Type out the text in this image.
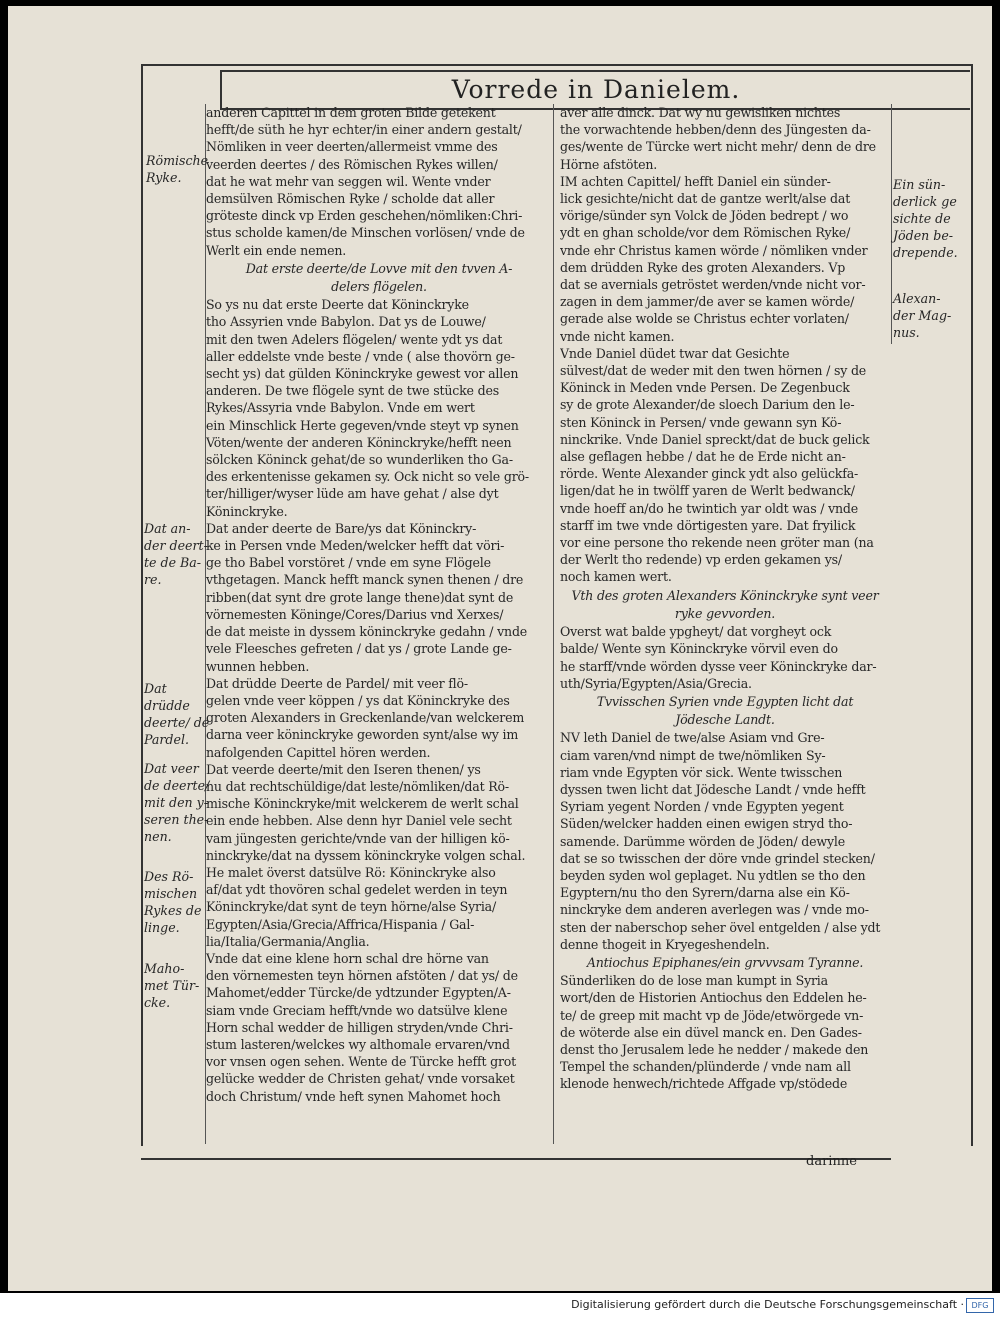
Vorrede in Danielem.
anderen Capittel in dem groten Bilde getekent
hefft/de süth he hyr echter/in einer andern gestalt/
Nömliken in veer deerten/allermeist vmme des
veerden deertes / des Römischen Rykes willen/
dat he wat mehr van seggen wil. Wente vnder
demsülven Römischen Ryke / scholde dat aller
gröteste dinck vp Erden geschehen/nömliken:Chri-
stus scholde kamen/de Minschen vorlösen/ vnde de
Werlt ein ende nemen.

Dat erste deerte/de Lovve mit den tvven A-

delers flögelen.

So ys nu dat erste Deerte dat Köninckryke
tho Assyrien vnde Babylon. Dat ys de Louwe/
mit den twen Adelers flögelen/ wente ydt ys dat
aller eddelste vnde beste / vnde ( alse thovörn ge-
secht ys) dat gülden Köninckryke gewest vor allen
anderen. De twe flögele synt de twe stücke des
Rykes/Assyria vnde Babylon. Vnde em wert
ein Minschlick Herte gegeven/vnde steyt vp synen
Vöten/wente der anderen Köninckryke/hefft neen
sölcken Köninck gehat/de so wunderliken tho Ga-
des erkentenisse gekamen sy. Ock nicht so vele grö-
ter/hilliger/wyser lüde am have gehat / alse dyt
Köninckryke.
Dat ander deerte de Bare/ys dat Köninckry-
ke in Persen vnde Meden/welcker hefft dat vöri-
ge tho Babel vorstöret / vnde em syne Flögele
vthgetagen. Manck hefft manck synen thenen / dre
ribben(dat synt dre grote lange thene)dat synt de
vörnemesten Köninge/Cores/Darius vnd Xerxes/
de dat meiste in dyssem köninckryke gedahn / vnde
vele Fleesches gefreten / dat ys / grote Lande ge-
wunnen hebben.
Dat drüdde Deerte de Pardel/ mit veer flö-
gelen vnde veer köppen / ys dat Köninckryke des
groten Alexanders in Greckenlande/van welckerem
darna veer köninckryke geworden synt/alse wy im
nafolgenden Capittel hören werden.
Dat veerde deerte/mit den Iseren thenen/ ys
nu dat rechtschüldige/dat leste/nömliken/dat Rö-
mische Köninckryke/mit welckerem de werlt schal
ein ende hebben. Alse denn hyr Daniel vele secht
vam jüngesten gerichte/vnde van der hilligen kö-
ninckryke/dat na dyssem köninckryke volgen schal.
He malet överst datsülve Rö: Köninckryke also
af/dat ydt thovören schal gedelet werden in teyn
Köninckryke/dat synt de teyn hörne/alse Syria/
Egypten/Asia/Grecia/Affrica/Hispania / Gal-
lia/Italia/Germania/Anglia.
Vnde dat eine klene horn schal dre hörne van
den vörnemesten teyn hörnen afstöten / dat ys/ de
Mahomet/edder Türcke/de ydtzunder Egypten/A-
siam vnde Greciam hefft/vnde wo datsülve klene
Horn schal wedder de hilligen stryden/vnde Chri-
stum lasteren/welckes wy althomale ervaren/vnd
vor vnsen ogen sehen. Wente de Türcke hefft grot
gelücke wedder de Christen gehat/ vnde vorsaket
doch Christum/ vnde heft synen Mahomet hoch
aver alle dinck. Dat wy nu gewisliken nichtes
the vorwachtende hebben/denn des Jüngesten da-
ges/wente de Türcke wert nicht mehr/ denn de dre
Hörne afstöten.
IM achten Capittel/ hefft Daniel ein sünder-
lick gesichte/nicht dat de gantze werlt/alse dat
vörige/sünder syn Volck de Jöden bedrept / wo
ydt en ghan scholde/vor dem Römischen Ryke/
vnde ehr Christus kamen wörde / nömliken vnder
dem drüdden Ryke des groten Alexanders. Vp
dat se avernials getröstet werden/vnde nicht vor-
zagen in dem jammer/de aver se kamen wörde/
gerade alse wolde se Christus echter vorlaten/
vnde nicht kamen.
Vnde Daniel düdet twar dat Gesichte
sülvest/dat de weder mit den twen hörnen / sy de
Köninck in Meden vnde Persen. De Zegenbuck
sy de grote Alexander/de sloech Darium den le-
sten Köninck in Persen/ vnde gewann syn Kö-
ninckrike. Vnde Daniel spreckt/dat de buck gelick
alse geflagen hebbe / dat he de Erde nicht an-
rörde. Wente Alexander ginck ydt also gelückfa-
ligen/dat he in twölff yaren de Werlt bedwanck/
vnde hoeff an/do he twintich yar oldt was / vnde
starff im twe vnde dörtigesten yare. Dat fryilick
vor eine persone tho rekende neen gröter man (na
der Werlt tho redende) vp erden gekamen ys/
noch kamen wert.

Vth des groten Alexanders Köninckryke synt veer

ryke gevvorden.

Overst wat balde ypgheyt/ dat vorgheyt ock
balde/ Wente syn Köninckryke vörvil even do
he starff/vnde wörden dysse veer Köninckryke dar-
uth/Syria/Egypten/Asia/Grecia.

Tvvisschen Syrien vnde Egypten licht dat

Jödesche Landt.

NV leth Daniel de twe/alse Asiam vnd Gre-
ciam varen/vnd nimpt de twe/nömliken Sy-
riam vnde Egypten vör sick. Wente twisschen
dyssen twen licht dat Jödesche Landt / vnde hefft
Syriam yegent Norden / vnde Egypten yegent
Süden/welcker hadden einen ewigen stryd tho-
samende. Darümme wörden de Jöden/ dewyle
dat se so twisschen der döre vnde grindel stecken/
beyden syden wol geplaget. Nu ydtlen se tho den
Egyptern/nu tho den Syrern/darna alse ein Kö-
ninckryke dem anderen averlegen was / vnde mo-
sten der naberschop seher övel entgelden / alse ydt
denne thogeit in Kryegeshendeln.

Antiochus Epiphanes/ein grvvvsam Tyranne.

Sünderliken do de lose man kumpt in Syria
wort/den de Historien Antiochus den Eddelen he-
te/ de greep mit macht vp de Jöde/etwörgede vn-
de wöterde alse ein düvel manck en. Den Gades-
denst tho Jerusalem lede he nedder / makede den
Tempel the schanden/plünderde / vnde nam all
klenode henwech/richtede Affgade vp/stödede
Römische
Ryke.
Dat an-
der deert-
te de Ba-
re.
Dat
drüdde
deerte/ de
Pardel.
Dat veer
de deerte/
mit den y-
seren the-
nen.
Des Rö-
mischen
Rykes de
linge.
Maho-
met Tür-
cke.
Ein sün-
derlick ge
sichte de
Jöden be-
drepende.
Alexan-
der Mag-
nus.
darinne
Digitalisierung gefördert durch die Deutsche Forschungsgemeinschaft · DFG
